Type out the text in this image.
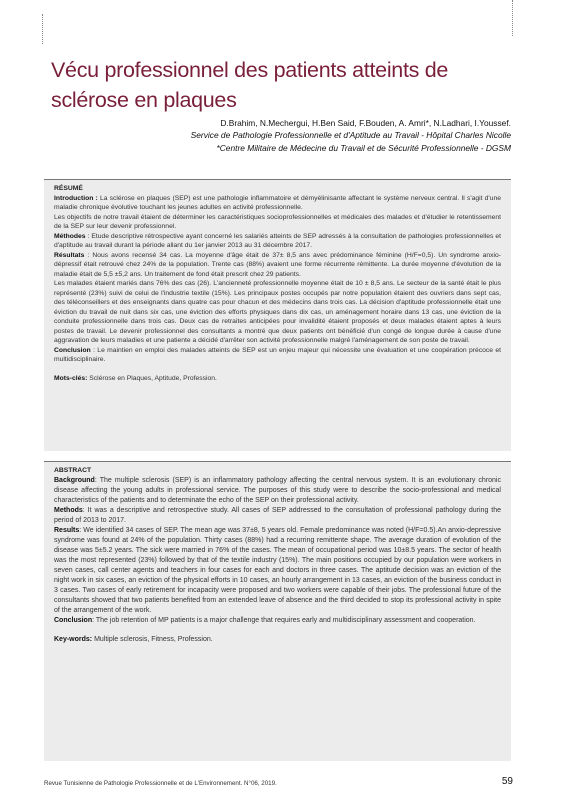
Vécu professionnel des patients atteints de sclérose en plaques
D.Brahim, N.Mechergui, H.Ben Said, F.Bouden, A. Amri*, N.Ladhari, I.Youssef.
Service de Pathologie Professionnelle et d'Aptitude au Travail - Hôpital Charles Nicolle
*Centre Militaire de Médecine du Travail et de Sécurité Professionnelle - DGSM
RÉSUMÉ

Introduction : La sclérose en plaques (SEP) est une pathologie inflammatoire et démyélinisante affectant le système nerveux central. Il s'agit d'une maladie chronique évolutive touchant les jeunes adultes en activité professionnelle.

Les objectifs de notre travail étaient de déterminer les caractéristiques socioprofessionnelles et médicales des malades et d'étudier le retentissement de la SEP sur leur devenir professionnel.

Méthodes : Etude descriptive rétrospective ayant concerné les salariés atteints de SEP adressés à la consultation de pathologies professionnelles et d'aptitude au travail durant la période allant du 1er janvier 2013 au 31 décembre 2017.

Résultats : Nous avons recensé 34 cas. La moyenne d'âge était de 37± 8,5 ans avec prédominance féminine (H/F=0,5). Un syndrome anxio-dépressif était retrouvé chez 24% de la population. Trente cas (88%) avaient une forme récurrente rémittente. La durée moyenne d'évolution de la maladie était de 5,5 ±5,2 ans. Un traitement de fond était prescrit chez 29 patients.

Les malades étaient mariés dans 76% des cas (26). L'ancienneté professionnelle moyenne était de 10 ± 8,5 ans. Le secteur de la santé était le plus représenté (23%) suivi de celui de l'industrie textile (15%). Les principaux postes occupés par notre population étaient des ouvriers dans sept cas, des téléconseillers et des enseignants dans quatre cas pour chacun et des médecins dans trois cas. La décision d'aptitude professionnelle était une éviction du travail de nuit dans six cas, une éviction des efforts physiques dans dix cas, un aménagement horaire dans 13 cas, une éviction de la conduite professionnelle dans trois cas. Deux cas de retraites anticipées pour invalidité étaient proposés et deux malades étaient aptes à leurs postes de travail. Le devenir professionnel des consultants a montré que deux patients ont bénéficié d'un congé de longue durée à cause d'une aggravation de leurs maladies et une patiente a décidé d'arrêter son activité professionnelle malgré l'aménagement de son poste de travail.

Conclusion : Le maintien en emploi des malades atteints de SEP est un enjeu majeur qui nécessite une évaluation et une coopération précoce et multidisciplinaire.

Mots-clés: Sclérose en Plaques, Aptitude, Profession.

ABSTRACT

Background: The multiple sclerosis (SEP) is an inflammatory pathology affecting the central nervous system. It is an evolutionary chronic disease affecting the young adults in professional service. The purposes of this study were to describe the socio-professional and medical characteristics of the patients and to determinate the echo of the SEP on their professional activity.

Methods: It was a descriptive and retrospective study. All cases of SEP addressed to the consultation of professional pathology during the period of 2013 to 2017.

Results: We identified 34 cases of SEP. The mean age was 37±8, 5 years old. Female predominance was noted (H/F=0.5).An anxio-depressive syndrome was found at 24% of the population. Thirty cases (88%) had a recurring remittente shape. The average duration of evolution of the disease was 5±5.2 years. The sick were married in 76% of the cases. The mean of occupational period was 10±8.5 years. The sector of health was the most represented (23%) followed by that of the textile industry (15%). The main positions occupied by our population were workers in seven cases, call center agents and teachers in four cases for each and doctors in three cases. The aptitude decision was an eviction of the night work in six cases, an eviction of the physical efforts in 10 cases, an hourly arrangement in 13 cases, an eviction of the business conduct in 3 cases. Two cases of early retirement for incapacity were proposed and two workers were capable of their jobs. The professional future of the consultants showed that two patients benefited from an extended leave of absence and the third decided to stop its professional activity in spite of the arrangement of the work.

Conclusion: The job retention of MP patients is a major challenge that requires early and multidisciplinary assessment and cooperation.

Key-words: Multiple sclerosis, Fitness, Profession.

Revue Tunisienne de Pathologie Professionnelle et de L'Environnement. N°06, 2019.	59
